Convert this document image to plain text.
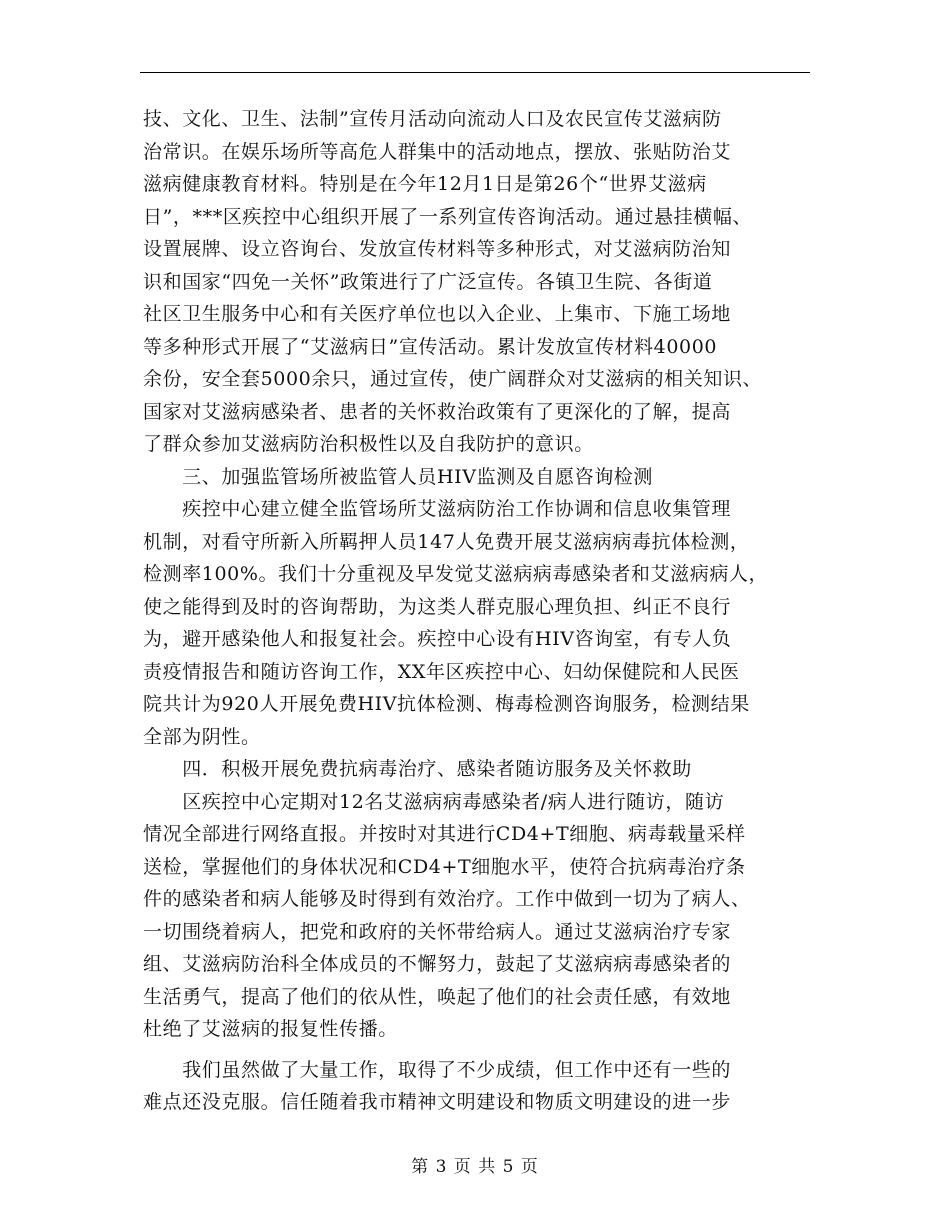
技、文化、卫生、法制”宣传月活动向流动人口及农民宣传艾滋病防
治常识。在娱乐场所等高危人群集中的活动地点，摆放、张贴防治艾
滋病健康教育材料。特别是在今年12月1日是第26个“世界艾滋病
日”，***区疾控中心组织开展了一系列宣传咨询活动。通过悬挂横幅、
设置展牌、设立咨询台、发放宣传材料等多种形式，对艾滋病防治知
识和国家“四免一关怀”政策进行了广泛宣传。各镇卫生院、各街道
社区卫生服务中心和有关医疗单位也以入企业、上集市、下施工场地
等多种形式开展了“艾滋病日”宣传活动。累计发放宣传材料40000
余份，安全套5000余只，通过宣传，使广阔群众对艾滋病的相关知识、
国家对艾滋病感染者、患者的关怀救治政策有了更深化的了解，提高
了群众参加艾滋病防治积极性以及自我防护的意识。
　　三、加强监管场所被监管人员HIV监测及自愿咨询检测
　　疾控中心建立健全监管场所艾滋病防治工作协调和信息收集管理
机制，对看守所新入所羁押人员147人免费开展艾滋病病毒抗体检测，
检测率100%。我们十分重视及早发觉艾滋病病毒感染者和艾滋病病人，
使之能得到及时的咨询帮助，为这类人群克服心理负担、纠正不良行
为，避开感染他人和报复社会。疾控中心设有HIV咨询室，有专人负
责疫情报告和随访咨询工作，XX年区疾控中心、妇幼保健院和人民医
院共计为920人开展免费HIV抗体检测、梅毒检测咨询服务，检测结果
全部为阴性。
　　四．积极开展免费抗病毒治疗、感染者随访服务及关怀救助
　　区疾控中心定期对12名艾滋病病毒感染者/病人进行随访，随访
情况全部进行网络直报。并按时对其进行CD4+T细胞、病毒载量采样
送检，掌握他们的身体状况和CD4+T细胞水平，使符合抗病毒治疗条
件的感染者和病人能够及时得到有效治疗。工作中做到一切为了病人、
一切围绕着病人，把党和政府的关怀带给病人。通过艾滋病治疗专家
组、艾滋病防治科全体成员的不懈努力，鼓起了艾滋病病毒感染者的
生活勇气，提高了他们的依从性，唤起了他们的社会责任感，有效地
杜绝了艾滋病的报复性传播。
　　我们虽然做了大量工作，取得了不少成绩，但工作中还有一些的
难点还没克服。信任随着我市精神文明建设和物质文明建设的进一步
第 3 页 共 5 页
